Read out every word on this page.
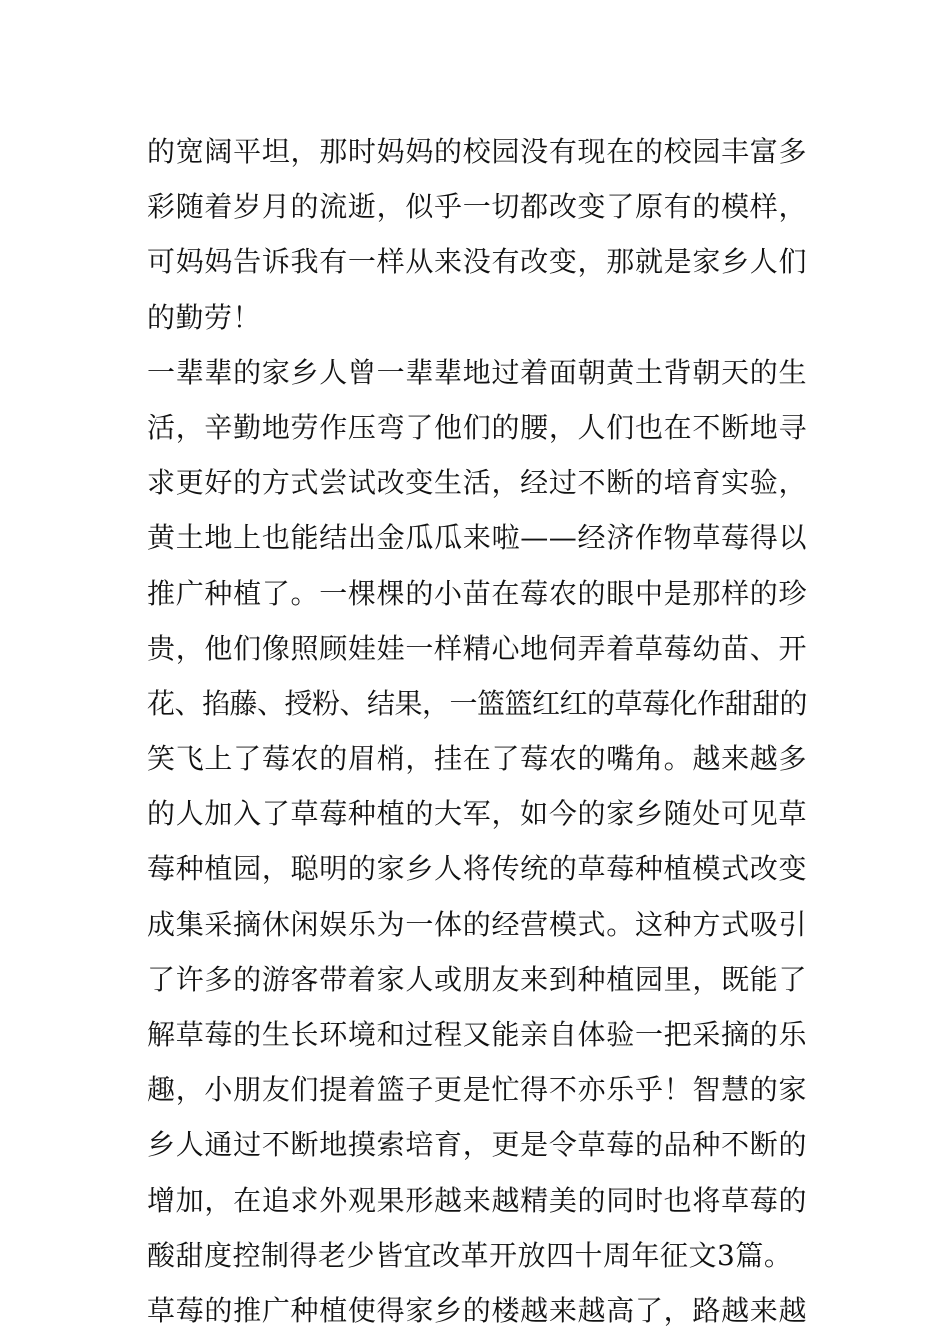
的宽阔平坦，那时妈妈的校园没有现在的校园丰富多
彩随着岁月的流逝，似乎一切都改变了原有的模样，
可妈妈告诉我有一样从来没有改变，那就是家乡人们
的勤劳！
一辈辈的家乡人曾一辈辈地过着面朝黄土背朝天的生
活，辛勤地劳作压弯了他们的腰，人们也在不断地寻
求更好的方式尝试改变生活，经过不断的培育实验，
黄土地上也能结出金瓜瓜来啦——经济作物草莓得以
推广种植了。一棵棵的小苗在莓农的眼中是那样的珍
贵，他们像照顾娃娃一样精心地伺弄着草莓幼苗、开
花、掐藤、授粉、结果，一篮篮红红的草莓化作甜甜的
笑飞上了莓农的眉梢，挂在了莓农的嘴角。越来越多
的人加入了草莓种植的大军，如今的家乡随处可见草
莓种植园，聪明的家乡人将传统的草莓种植模式改变
成集采摘休闲娱乐为一体的经营模式。这种方式吸引
了许多的游客带着家人或朋友来到种植园里，既能了
解草莓的生长环境和过程又能亲自体验一把采摘的乐
趣，小朋友们提着篮子更是忙得不亦乐乎！智慧的家
乡人通过不断地摸索培育，更是令草莓的品种不断的
增加，在追求外观果形越来越精美的同时也将草莓的
酸甜度控制得老少皆宜改革开放四十周年征文3篇。
草莓的推广种植使得家乡的楼越来越高了，路越来越
